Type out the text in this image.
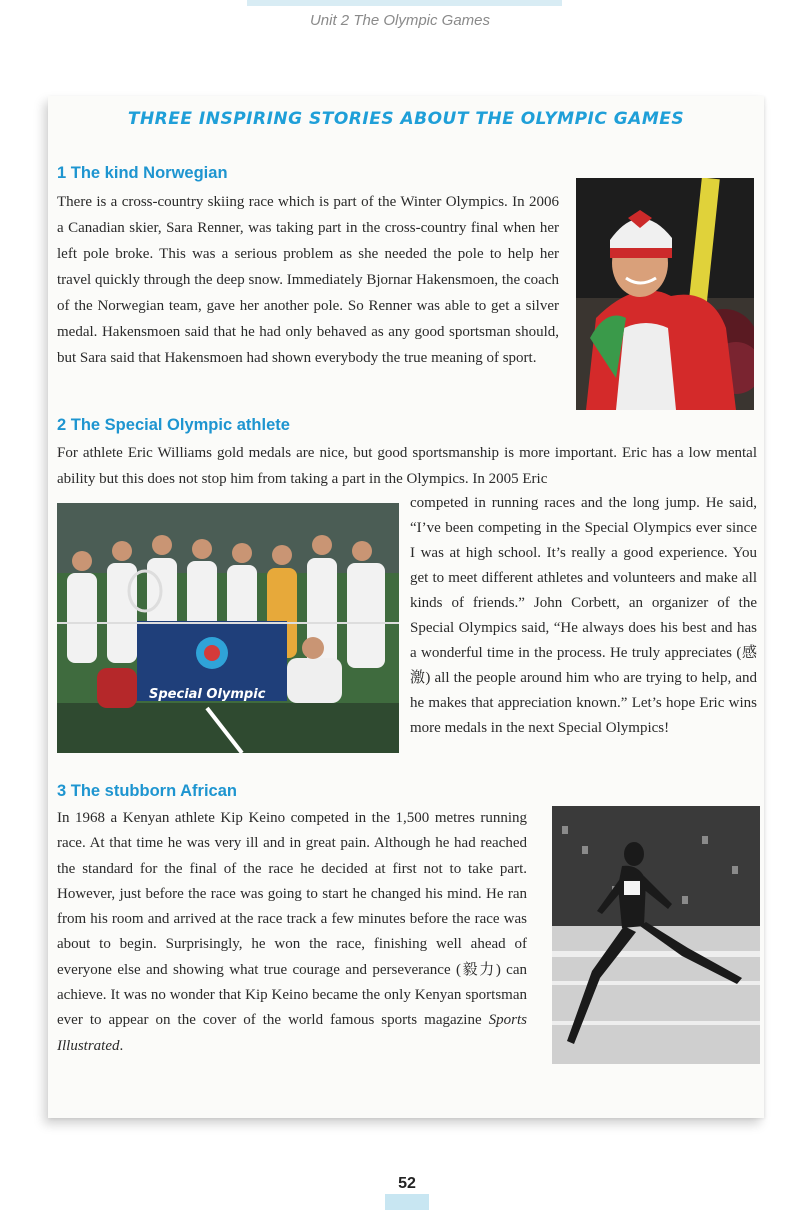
Unit 2 The Olympic Games
THREE INSPIRING STORIES ABOUT THE OLYMPIC GAMES
1 The kind Norwegian

There is a cross-country skiing race which is part of the Winter Olympics. In 2006 a Canadian skier, Sara Renner, was taking part in the cross-country final when her left pole broke. This was a serious problem as she needed the pole to help her travel quickly through the deep snow. Immediately Bjornar Hakensmoen, the coach of the Norwegian team, gave her another pole. So Renner was able to get a silver medal. Hakensmoen said that he had only behaved as any good sportsman should, but Sara said that Hakensmoen had shown everybody the true meaning of sport.

2 The Special Olympic athlete

For athlete Eric Williams gold medals are nice, but good sportsmanship is more important. Eric has a low mental ability but this does not stop him from taking a part in the Olympics. In 2005 Eric

competed in running races and the long jump. He said, “I’ve been competing in the Special Olympics ever since I was at high school. It’s really a good experience. You get to meet different athletes and volunteers and make all kinds of friends.” John Corbett, an organizer of the Special Olympics said, “He always does his best and has a wonderful time in the process. He truly appreciates (感激) all the people around him who are trying to help, and he makes that appreciation known.” Let’s hope Eric wins more medals in the next Special Olympics!

Special Olympic
3 The stubborn African

In 1968 a Kenyan athlete Kip Keino competed in the 1,500 metres running race. At that time he was very ill and in great pain. Although he had reached the standard for the final of the race he decided at first not to take part. However, just before the race was going to start he changed his mind. He ran from his room and arrived at the race track a few minutes before the race was about to begin. Surprisingly, he won the race, finishing well ahead of everyone else and showing what true courage and perseverance (毅力) can achieve. It was no wonder that Kip Keino became the only Kenyan sportsman ever to appear on the cover of the world famous sports magazine Sports Illustrated.

52
